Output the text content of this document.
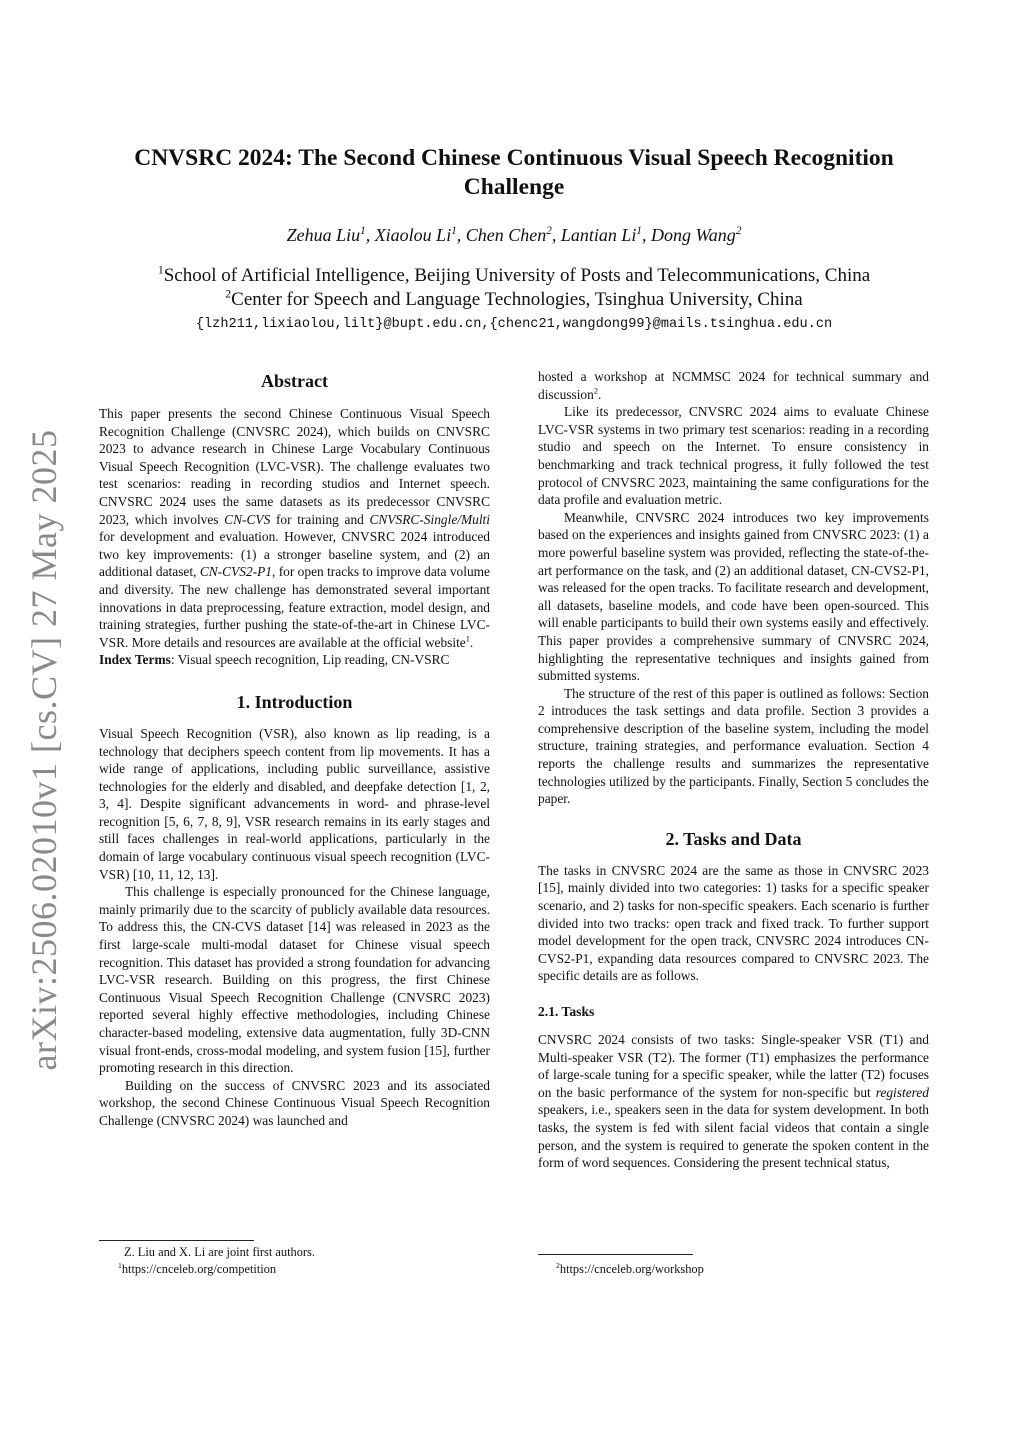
arXiv:2506.02010v1 [cs.CV] 27 May 2025
CNVSRC 2024: The Second Chinese Continuous Visual Speech Recognition Challenge
Zehua Liu$^1$, Xiaolou Li$^1$, Chen Chen$^2$, Lantian Li$^1$, Dong Wang$^2$
$^1$School of Artificial Intelligence, Beijing University of Posts and Telecommunications, China
$^2$Center for Speech and Language Technologies, Tsinghua University, China
{lzh211,lixiaolou,lilt}@bupt.edu.cn,{chenc21,wangdong99}@mails.tsinghua.edu.cn
Abstract

This paper presents the second Chinese Continuous Visual Speech Recognition Challenge (CNVSRC 2024), which builds on CNVSRC 2023 to advance research in Chinese Large Vocabulary Continuous Visual Speech Recognition (LVC-VSR). The challenge evaluates two test scenarios: reading in recording studios and Internet speech. CNVSRC 2024 uses the same datasets as its predecessor CNVSRC 2023, which involves CN-CVS for training and CNVSRC-Single/Multi for development and evaluation. However, CNVSRC 2024 introduced two key improvements: (1) a stronger baseline system, and (2) an additional dataset, CN-CVS2-P1, for open tracks to improve data volume and diversity. The new challenge has demonstrated several important innovations in data preprocessing, feature extraction, model design, and training strategies, further pushing the state-of-the-art in Chinese LVC-VSR. More details and resources are available at the official website$^1$.

Index Terms: Visual speech recognition, Lip reading, CN-VSRC

1. Introduction

Visual Speech Recognition (VSR), also known as lip reading, is a technology that deciphers speech content from lip movements. It has a wide range of applications, including public surveillance, assistive technologies for the elderly and disabled, and deepfake detection [1, 2, 3, 4]. Despite significant advancements in word- and phrase-level recognition [5, 6, 7, 8, 9], VSR research remains in its early stages and still faces challenges in real-world applications, particularly in the domain of large vocabulary continuous visual speech recognition (LVC-VSR) [10, 11, 12, 13].

This challenge is especially pronounced for the Chinese language, mainly primarily due to the scarcity of publicly available data resources. To address this, the CN-CVS dataset [14] was released in 2023 as the first large-scale multi-modal dataset for Chinese visual speech recognition. This dataset has provided a strong foundation for advancing LVC-VSR research. Building on this progress, the first Chinese Continuous Visual Speech Recognition Challenge (CNVSRC 2023) reported several highly effective methodologies, including Chinese character-based modeling, extensive data augmentation, fully 3D-CNN visual front-ends, cross-modal modeling, and system fusion [15], further promoting research in this direction.

Building on the success of CNVSRC 2023 and its associated workshop, the second Chinese Continuous Visual Speech Recognition Challenge (CNVSRC 2024) was launched and

hosted a workshop at NCMMSC 2024 for technical summary and discussion$^2$.

Like its predecessor, CNVSRC 2024 aims to evaluate Chinese LVC-VSR systems in two primary test scenarios: reading in a recording studio and speech on the Internet. To ensure consistency in benchmarking and track technical progress, it fully followed the test protocol of CNVSRC 2023, maintaining the same configurations for the data profile and evaluation metric.

Meanwhile, CNVSRC 2024 introduces two key improvements based on the experiences and insights gained from CNVSRC 2023: (1) a more powerful baseline system was provided, reflecting the state-of-the-art performance on the task, and (2) an additional dataset, CN-CVS2-P1, was released for the open tracks. To facilitate research and development, all datasets, baseline models, and code have been open-sourced. This will enable participants to build their own systems easily and effectively. This paper provides a comprehensive summary of CNVSRC 2024, highlighting the representative techniques and insights gained from submitted systems.

The structure of the rest of this paper is outlined as follows: Section 2 introduces the task settings and data profile. Section 3 provides a comprehensive description of the baseline system, including the model structure, training strategies, and performance evaluation. Section 4 reports the challenge results and summarizes the representative technologies utilized by the participants. Finally, Section 5 concludes the paper.

2. Tasks and Data

The tasks in CNVSRC 2024 are the same as those in CNVSRC 2023 [15], mainly divided into two categories: 1) tasks for a specific speaker scenario, and 2) tasks for non-specific speakers. Each scenario is further divided into two tracks: open track and fixed track. To further support model development for the open track, CNVSRC 2024 introduces CN-CVS2-P1, expanding data resources compared to CNVSRC 2023. The specific details are as follows.

2.1. Tasks

CNVSRC 2024 consists of two tasks: Single-speaker VSR (T1) and Multi-speaker VSR (T2). The former (T1) emphasizes the performance of large-scale tuning for a specific speaker, while the latter (T2) focuses on the basic performance of the system for non-specific but registered speakers, i.e., speakers seen in the data for system development. In both tasks, the system is fed with silent facial videos that contain a single person, and the system is required to generate the spoken content in the form of word sequences. Considering the present technical status,

Z. Liu and X. Li are joint first authors.
$^1$https://cnceleb.org/competition	$^2$https://cnceleb.org/workshop
